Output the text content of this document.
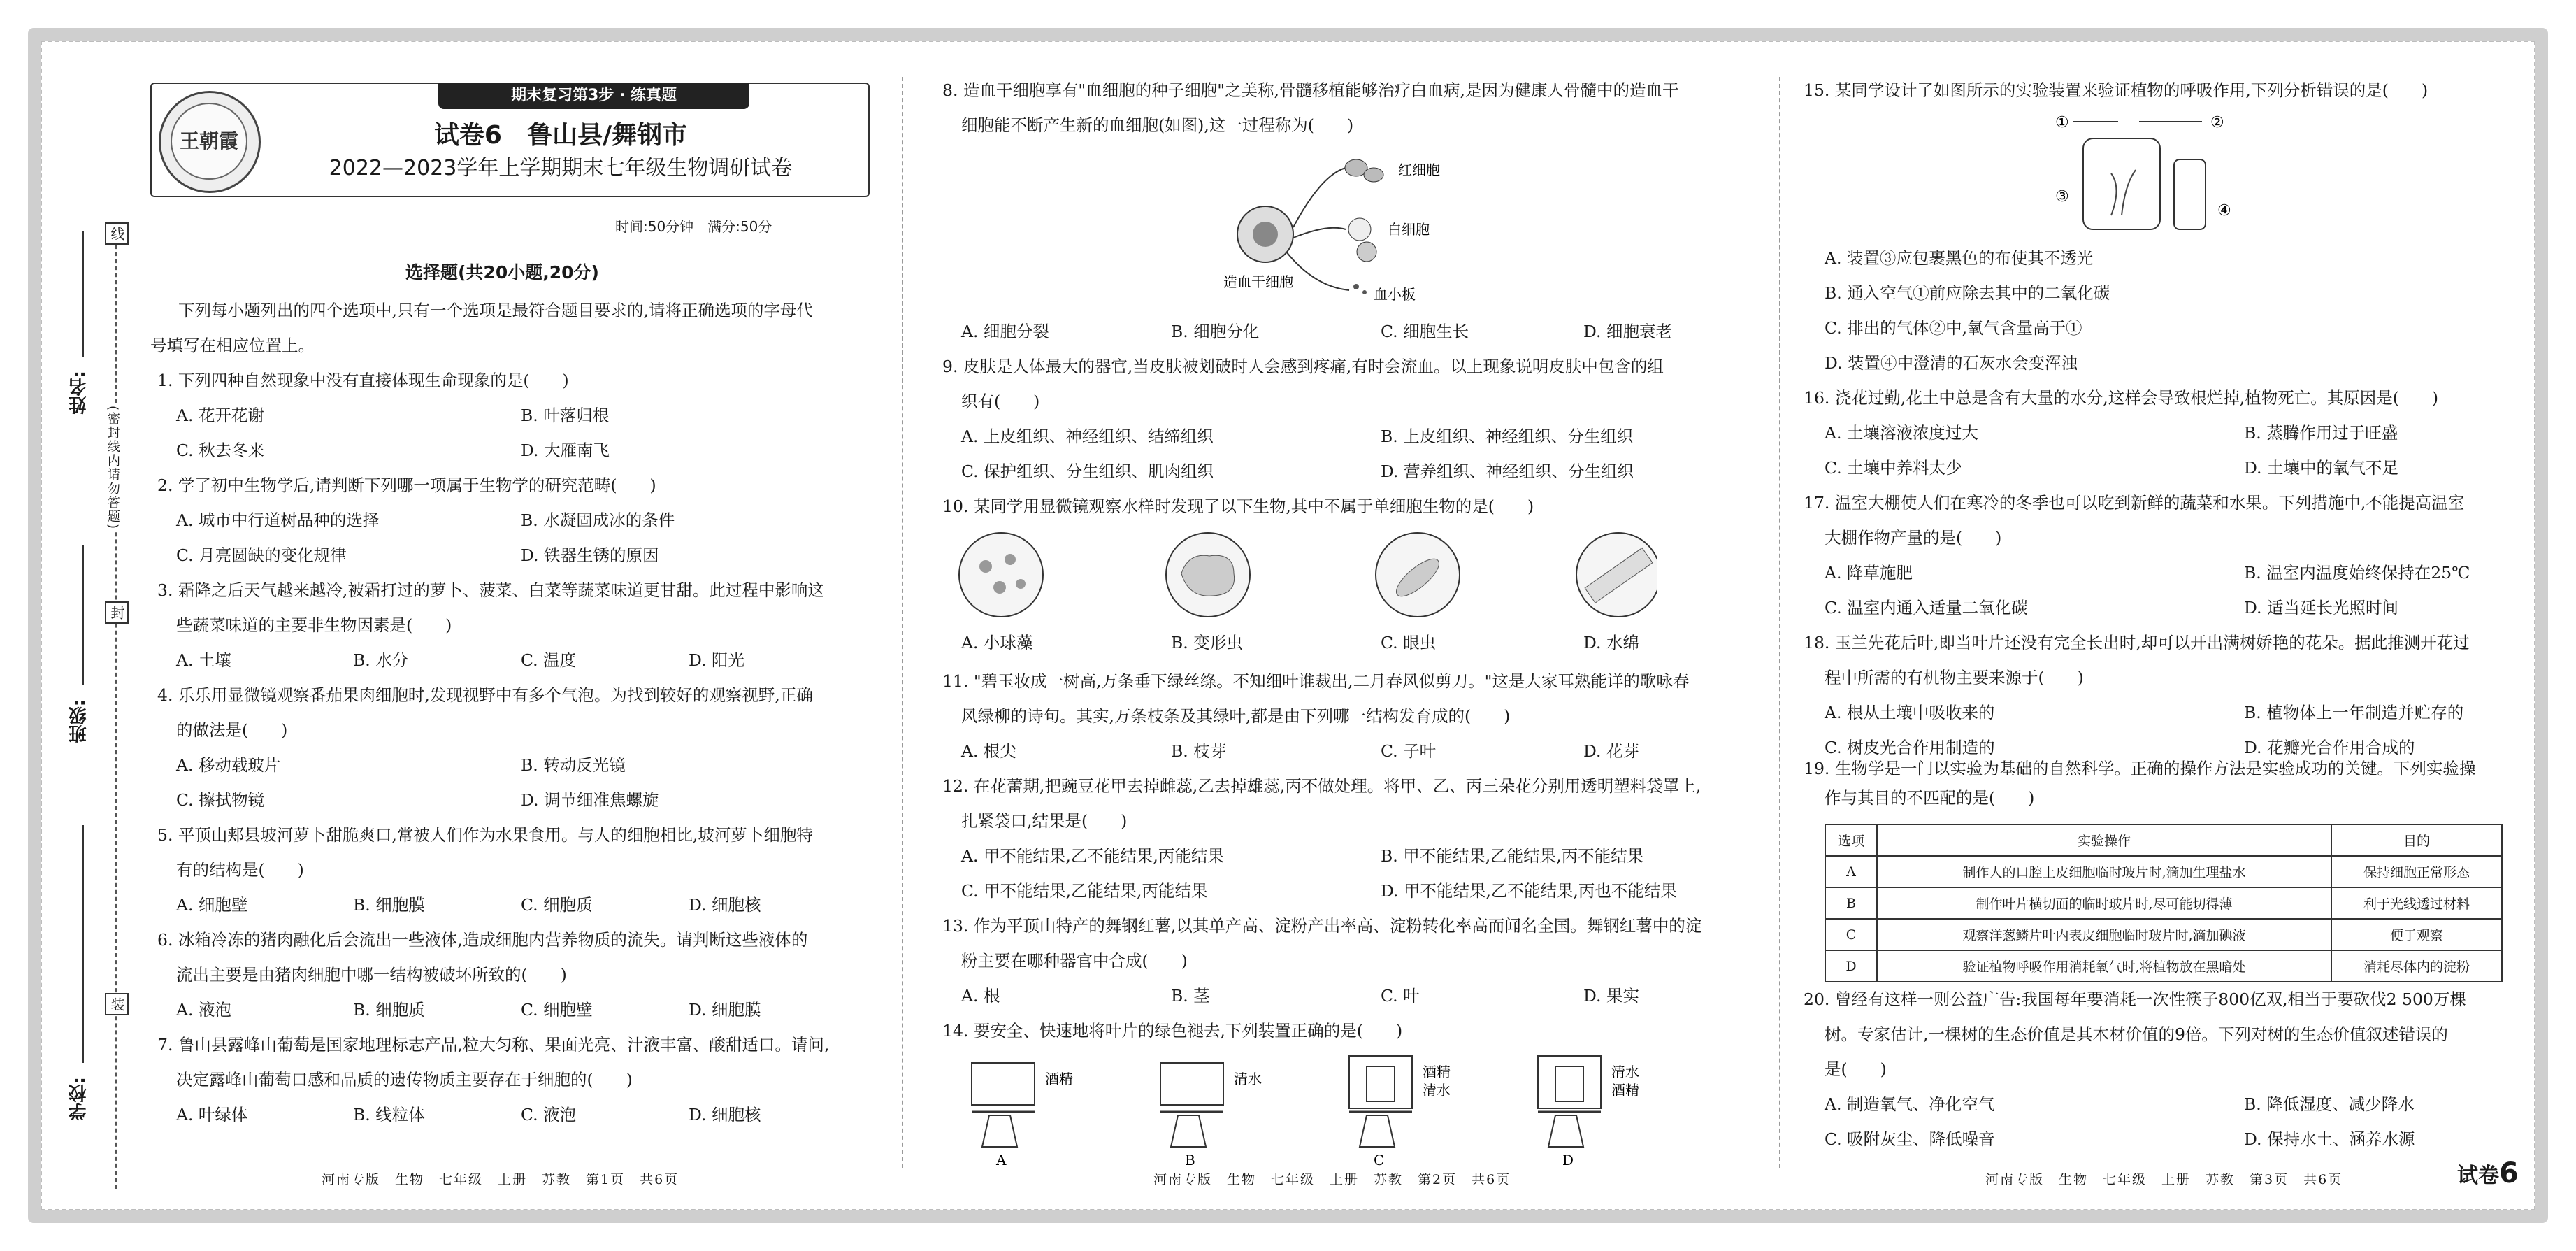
姓名:
班级:
学校:
线
封
装
(密封线内请勿答题)
期末复习第3步 · 练真题
王朝霞	试卷6　鲁山县/舞钢市
2022—2023学年上学期期末七年级生物调研试卷
时间:50分钟　满分:50分
选择题(共20小题,20分)
下列每小题列出的四个选项中,只有一个选项是最符合题目要求的,请将正确选项的字母代
号填写在相应位置上。
1. 下列四种自然现象中没有直接体现生命现象的是(　　)
A. 花开花谢	B. 叶落归根
C. 秋去冬来	D. 大雁南飞
2. 学了初中生物学后,请判断下列哪一项属于生物学的研究范畴(　　)
A. 城市中行道树品种的选择	B. 水凝固成冰的条件
C. 月亮圆缺的变化规律	D. 铁器生锈的原因
3. 霜降之后天气越来越冷,被霜打过的萝卜、菠菜、白菜等蔬菜味道更甘甜。此过程中影响这
些蔬菜味道的主要非生物因素是(　　)
A. 土壤	B. 水分	C. 温度	D. 阳光
4. 乐乐用显微镜观察番茄果肉细胞时,发现视野中有多个气泡。为找到较好的观察视野,正确
的做法是(　　)
A. 移动载玻片	B. 转动反光镜
C. 擦拭物镜	D. 调节细准焦螺旋
5. 平顶山郏县坡河萝卜甜脆爽口,常被人们作为水果食用。与人的细胞相比,坡河萝卜细胞特
有的结构是(　　)
A. 细胞壁	B. 细胞膜	C. 细胞质	D. 细胞核
6. 冰箱冷冻的猪肉融化后会流出一些液体,造成细胞内营养物质的流失。请判断这些液体的
流出主要是由猪肉细胞中哪一结构被破坏所致的(　　)
A. 液泡	B. 细胞质	C. 细胞壁	D. 细胞膜
7. 鲁山县露峰山葡萄是国家地理标志产品,粒大匀称、果面光亮、汁液丰富、酸甜适口。请问,
决定露峰山葡萄口感和品质的遗传物质主要存在于细胞的(　　)
A. 叶绿体	B. 线粒体	C. 液泡	D. 细胞核
河南专版　生物　七年级　上册　苏教　第1页　共6页
8. 造血干细胞享有"血细胞的种子细胞"之美称,骨髓移植能够治疗白血病,是因为健康人骨髓中的造血干
细胞能不断产生新的血细胞(如图),这一过程称为(　　)
红细胞
白细胞
血小板
造血干细胞
A. 细胞分裂	B. 细胞分化	C. 细胞生长	D. 细胞衰老
9. 皮肤是人体最大的器官,当皮肤被划破时人会感到疼痛,有时会流血。以上现象说明皮肤中包含的组
织有(　　)
A. 上皮组织、神经组织、结缔组织	B. 上皮组织、神经组织、分生组织
C. 保护组织、分生组织、肌肉组织	D. 营养组织、神经组织、分生组织
10. 某同学用显微镜观察水样时发现了以下生物,其中不属于单细胞生物的是(　　)
A. 小球藻	B. 变形虫	C. 眼虫	D. 水绵
11. "碧玉妆成一树高,万条垂下绿丝绦。不知细叶谁裁出,二月春风似剪刀。"这是大家耳熟能详的歌咏春
风绿柳的诗句。其实,万条枝条及其绿叶,都是由下列哪一结构发育成的(　　)
A. 根尖	B. 枝芽	C. 子叶	D. 花芽
12. 在花蕾期,把豌豆花甲去掉雌蕊,乙去掉雄蕊,丙不做处理。将甲、乙、丙三朵花分别用透明塑料袋罩上,
扎紧袋口,结果是(　　)
A. 甲不能结果,乙不能结果,丙能结果	B. 甲不能结果,乙能结果,丙不能结果
C. 甲不能结果,乙能结果,丙能结果	D. 甲不能结果,乙不能结果,丙也不能结果
13. 作为平顶山特产的舞钢红薯,以其单产高、淀粉产出率高、淀粉转化率高而闻名全国。舞钢红薯中的淀
粉主要在哪种器官中合成(　　)
A. 根	B. 茎	C. 叶	D. 果实
14. 要安全、快速地将叶片的绿色褪去,下列装置正确的是(　　)
酒精
A
清水
B
酒精
清水
C
清水
酒精
D
河南专版　生物　七年级　上册　苏教　第2页　共6页
15. 某同学设计了如图所示的实验装置来验证植物的呼吸作用,下列分析错误的是(　　)
①	②
③
④
A. 装置③应包裹黑色的布使其不透光
B. 通入空气①前应除去其中的二氧化碳
C. 排出的气体②中,氧气含量高于①
D. 装置④中澄清的石灰水会变浑浊
16. 浇花过勤,花土中总是含有大量的水分,这样会导致根烂掉,植物死亡。其原因是(　　)
A. 土壤溶液浓度过大	B. 蒸腾作用过于旺盛
C. 土壤中养料太少	D. 土壤中的氧气不足
17. 温室大棚使人们在寒冷的冬季也可以吃到新鲜的蔬菜和水果。下列措施中,不能提高温室
大棚作物产量的是(　　)
A. 降草施肥	B. 温室内温度始终保持在25℃
C. 温室内通入适量二氧化碳	D. 适当延长光照时间
18. 玉兰先花后叶,即当叶片还没有完全长出时,却可以开出满树娇艳的花朵。据此推测开花过
程中所需的有机物主要来源于(　　)
A. 根从土壤中吸收来的	B. 植物体上一年制造并贮存的
C. 树皮光合作用制造的	D. 花瓣光合作用合成的
19. 生物学是一门以实验为基础的自然科学。正确的操作方法是实验成功的关键。下列实验操
作与其目的不匹配的是(　　)
选项	实验操作	目的
A	制作人的口腔上皮细胞临时玻片时,滴加生理盐水	保持细胞正常形态
B	制作叶片横切面的临时玻片时,尽可能切得薄	利于光线透过材料
C	观察洋葱鳞片叶内表皮细胞临时玻片时,滴加碘液	便于观察
D	验证植物呼吸作用消耗氧气时,将植物放在黑暗处	消耗尽体内的淀粉
20. 曾经有这样一则公益广告:我国每年要消耗一次性筷子800亿双,相当于要砍伐2 500万棵
树。专家估计,一棵树的生态价值是其木材价值的9倍。下列对树的生态价值叙述错误的
是(　　)
A. 制造氧气、净化空气	B. 降低湿度、减少降水
C. 吸附灰尘、降低噪音	D. 保持水土、涵养水源
河南专版　生物　七年级　上册　苏教　第3页　共6页	试卷6
